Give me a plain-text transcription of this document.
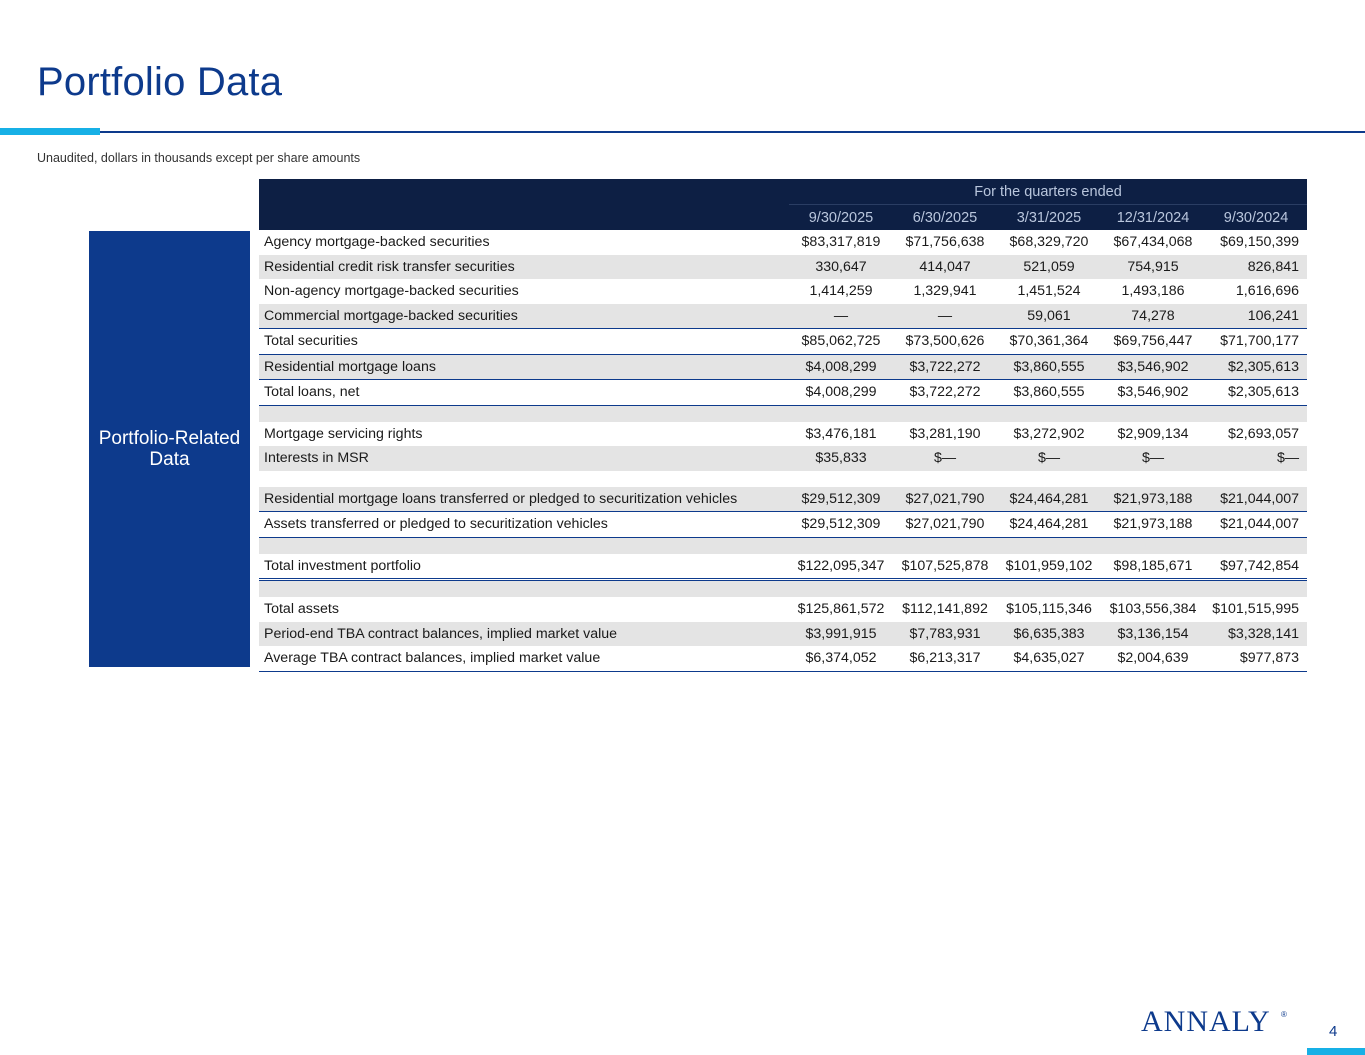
Portfolio Data
Unaudited, dollars in thousands except per share amounts
Portfolio-Related Data
	For the quarters ended				
	9/30/2025	6/30/2025	3/31/2025	12/31/2024	9/30/2024
Agency mortgage-backed securities	$83,317,819	$71,756,638	$68,329,720	$67,434,068	$69,150,399
Residential credit risk transfer securities	330,647	414,047	521,059	754,915	826,841
Non-agency mortgage-backed securities	1,414,259	1,329,941	1,451,524	1,493,186	1,616,696
Commercial mortgage-backed securities	—	—	59,061	74,278	106,241
Total securities	$85,062,725	$73,500,626	$70,361,364	$69,756,447	$71,700,177
Residential mortgage loans	$4,008,299	$3,722,272	$3,860,555	$3,546,902	$2,305,613
Total loans, net	$4,008,299	$3,722,272	$3,860,555	$3,546,902	$2,305,613

Mortgage servicing rights	$3,476,181	$3,281,190	$3,272,902	$2,909,134	$2,693,057
Interests in MSR	$35,833	$—	$—	$—	$—

Residential mortgage loans transferred or pledged to securitization vehicles	$29,512,309	$27,021,790	$24,464,281	$21,973,188	$21,044,007
Assets transferred or pledged to securitization vehicles	$29,512,309	$27,021,790	$24,464,281	$21,973,188	$21,044,007

Total investment portfolio	$122,095,347	$107,525,878	$101,959,102	$98,185,671	$97,742,854

Total assets	$125,861,572	$112,141,892	$105,115,346	$103,556,384	$101,515,995
Period-end TBA contract balances, implied market value	$3,991,915	$7,783,931	$6,635,383	$3,136,154	$3,328,141
Average TBA contract balances, implied market value	$6,374,052	$6,213,317	$4,635,027	$2,004,639	$977,873
ANNALY ®
4
